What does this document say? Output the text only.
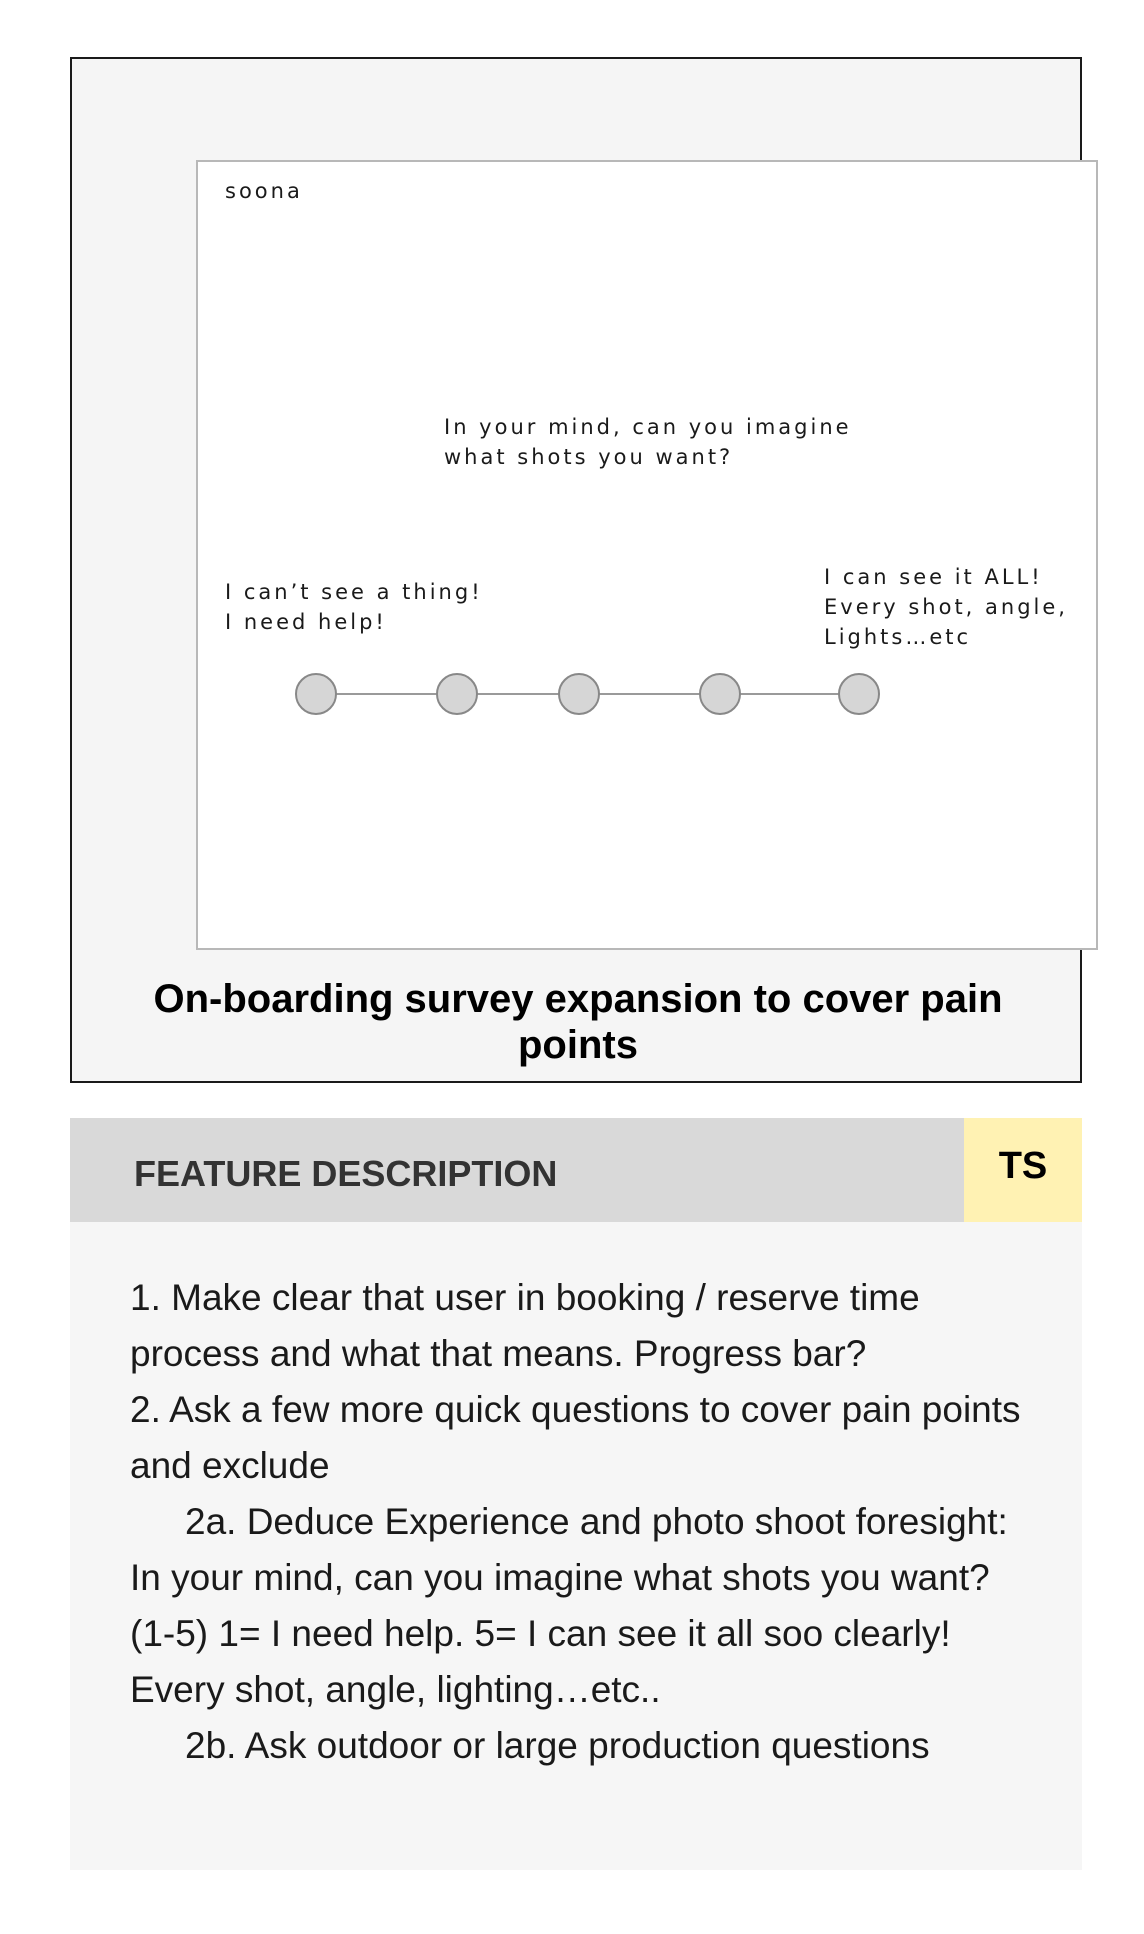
soona

In your mind, can you imagine
what shots you want?

I can’t see a thing!
I need help!

I can see it ALL!
Every shot, angle,
Lights…etc

On-boarding survey expansion to cover pain points

FEATURE DESCRIPTION	TS
1. Make clear that user in booking / reserve time process and what that means. Progress bar?
2. Ask a few more quick questions to cover pain points and exclude
2a. Deduce Experience and photo shoot foresight: In your mind, can you imagine what shots you want? (1-5) 1= I need help. 5= I can see it all soo clearly! Every shot, angle, lighting…etc..
2b. Ask outdoor or large production questions
